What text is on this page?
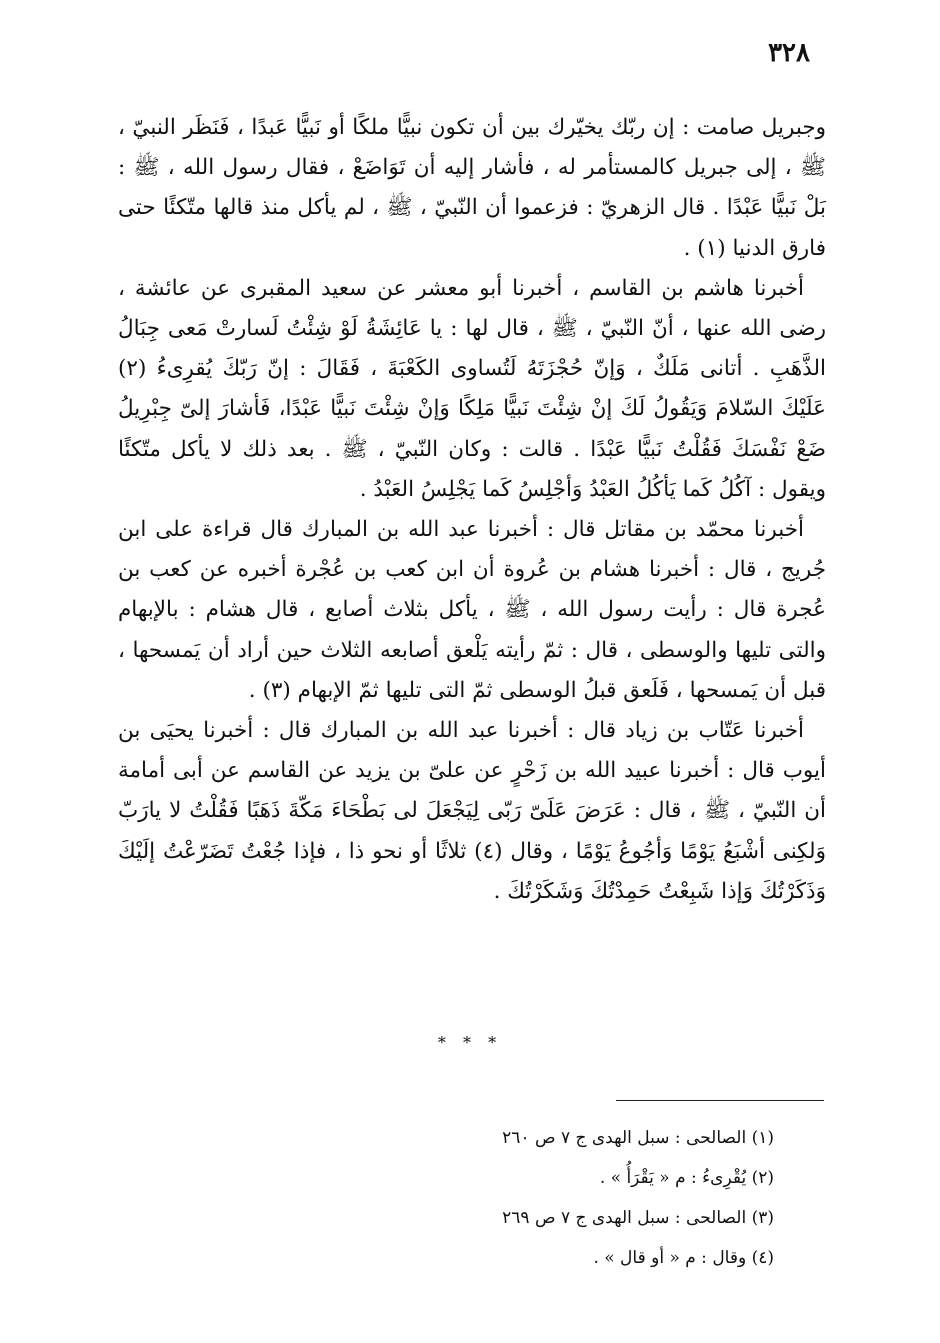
٣٢٨

وجبريل صامت : إن ربّك يخيّرك بين أن تكون نبيًّا ملكًا أو نَبيًّا عَبدًا ، فَنَظَر النبيّ ، ﷺ ، إلى جبريل كالمستأمر له ، فأشار إليه أن تَوَاضَعْ ، فقال رسول الله ، ﷺ : بَلْ نَبيًّا عَبْدًا . قال الزهريّ : فزعموا أن النّبيّ ، ﷺ ، لم يأكل منذ قالها متّكئًا حتى فارق الدنيا (١) .

أخبرنا هاشم بن القاسم ، أخبرنا أبو معشر عن سعيد المقبرى عن عائشة ، رضى الله عنها ، أنّ النّبيّ ، ﷺ ، قال لها : يا عَائِشَةُ لَوْ شِئْتُ لَسارتْ مَعى جِبَالُ الذَّهَبِ . أتانى مَلَكٌ ، وَإنّ حُجْزَتَهُ لَتُساوى الكَعْبَةَ ، فَقَالَ : إنّ رَبّكَ يُقرِىءُ (٢) عَلَيْكَ السّلامَ وَيَقُولُ لَكَ إنْ شِئْتَ نَبيًّا مَلِكًا وَإنْ شِئْتَ نَبيًّا عَبْدًا، فَأشارَ إلىّ جِبْرِيلُ ضَعْ نَفْسَكَ فَقُلْتُ نَبيًّا عَبْدًا . قالت : وكان النّبيّ ، ﷺ . بعد ذلك لا يأكل متّكئًا ويقول : آكُلُ كَما يَأكُلُ العَبْدُ وَأجْلِسُ كَما يَجْلِسُ العَبْدُ .

أخبرنا محمّد بن مقاتل قال : أخبرنا عبد الله بن المبارك قال قراءة على ابن جُريج ، قال : أخبرنا هشام بن عُروة أن ابن كعب بن عُجْرة أخبره عن كعب بن عُجرة قال : رأيت رسول الله ، ﷺ ، يأكل بثلاث أصابع ، قال هشام : بالإبهام والتى تليها والوسطى ، قال : ثمّ رأيته يَلْعق أصابعه الثلاث حين أراد أن يَمسحها ، قبل أن يَمسحها ، فَلَعق قبلُ الوسطى ثمّ التى تليها ثمّ الإبهام (٣) .

أخبرنا عَتّاب بن زياد قال : أخبرنا عبد الله بن المبارك قال : أخبرنا يحيَى بن أيوب قال : أخبرنا عبيد الله بن زَحْرٍ عن علىّ بن يزيد عن القاسم عن أبى أمامة أن النّبيّ ، ﷺ ، قال : عَرَضَ عَلَىّ رَبّى لِيَجْعَلَ لى بَطْحَاءَ مَكّةَ ذَهَبًا فَقُلْتُ لا يارَبّ وَلكِنى أشْبَعُ يَوْمًا وَأجُوعُ يَوْمًا ، وقال (٤) ثلاثًا أو نحو ذا ، فإذا جُعْتُ تَضَرّعْتُ إلَيْكَ وَذَكَرْتُكَ وَإذا شَبِعْتُ حَمِدْتُكَ وَشَكَرْتُكَ .

* * *

(١) الصالحى : سبل الهدى ج ٧ ص ٢٦٠

(٢) يُقْرِىءُ : م « يَقْرَأُ » .

(٣) الصالحى : سبل الهدى ج ٧ ص ٢٦٩

(٤) وقال : م « أو قال » .
